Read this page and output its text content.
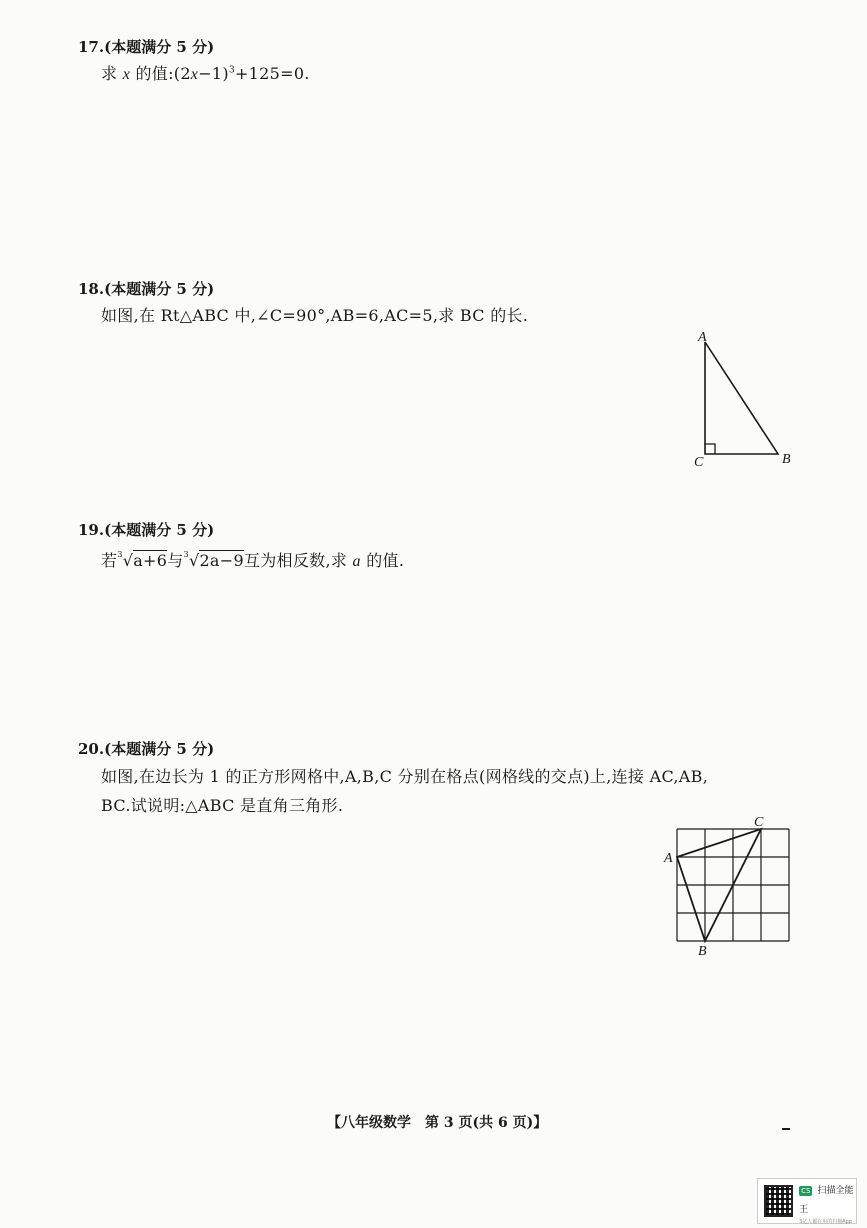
17.(本题满分 5 分)
求 x 的值$:(2x-1)^3+125=0$.
18.(本题满分 5 分)
如图,在 Rt△ABC 中,∠C=90°,AB=6,AC=5,求 BC 的长.
A
B
C
19.(本题满分 5 分)
若$^3$√a+6与$^3$√2a−9互为相反数,求 a 的值.
20.(本题满分 5 分)
如图,在边长为 1 的正方形网格中,A,B,C 分别在格点(网格线的交点)上,连接 AC,AB,
BC.试说明:△ABC 是直角三角形.
A
B
C
【八年级数学　第 3 页(共 6 页)】
CS 扫描全能王
3亿人都在用的扫描App
